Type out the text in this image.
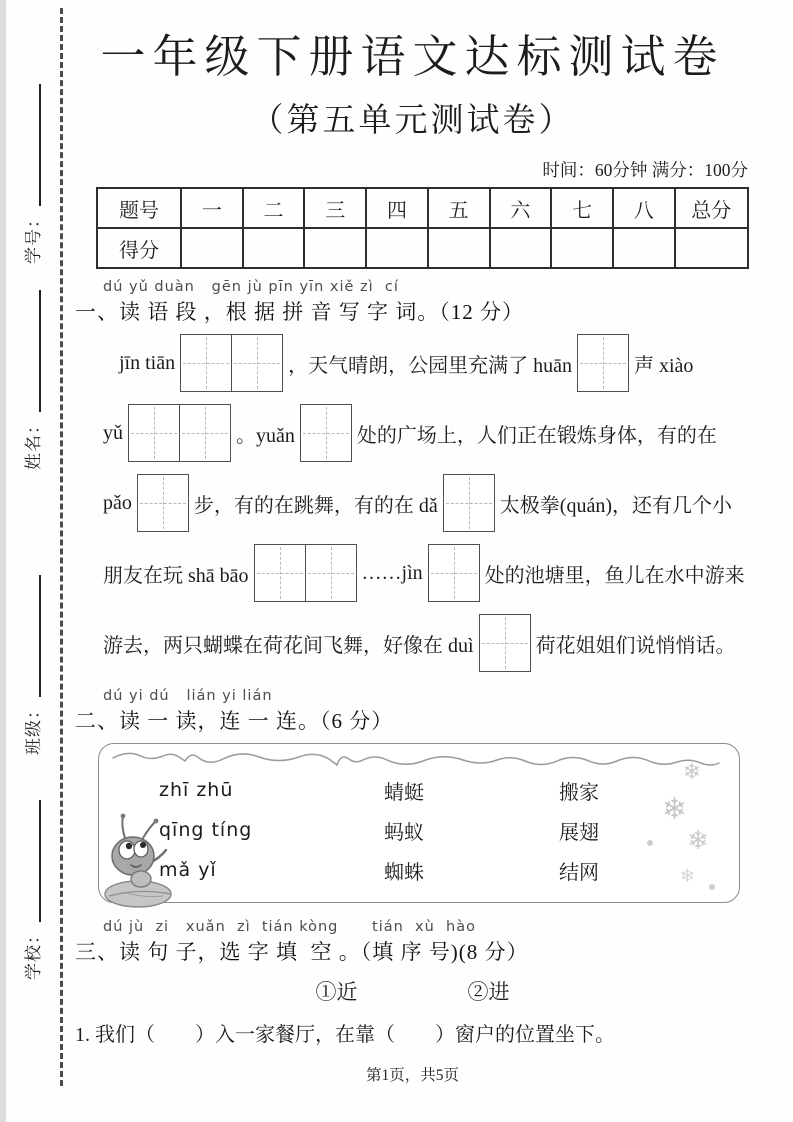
学号：
姓名：
班级：
学校：
一年级下册语文达标测试卷
（第五单元测试卷）
时间：60分钟 满分：100分
题号	一	二	三	四	五	六	七	八	总分
得分									
dú yǔ duàn   gēn jù pīn yīn xiě zì  cí
一、读 语 段 ，根 据 拼 音 写 字 词。（12 分）
jīn tiān	，天气晴朗，公园里充满了 huān	声 xiào
yǔ	。yuǎn	处的广场上，人们正在锻炼身体，有的在
pǎo	步，有的在跳舞，有的在 dǎ	太极拳(quán)，还有几个小
朋友在玩 shā bāo	……jìn	处的池塘里，鱼儿在水中游来
游去，两只蝴蝶在荷花间飞舞，好像在 duì	荷花姐姐们说悄悄话。
dú yi dú   lián yi lián
二、读 一 读，连 一 连。（6 分）
zhī zhū	蜻蜓	搬家
qīng tíng	蚂蚁	展翅
mǎ yǐ	蜘蛛	结网
❄
❄
❄
❄
dú jù  zi   xuǎn  zì  tián kòng      tián  xù  hào
三、读 句 子，选 字 填  空 。（填 序 号)(8 分）
①近	②进
1. 我们（　　）入一家餐厅，在靠（　　）窗户的位置坐下。
第1页，共5页
